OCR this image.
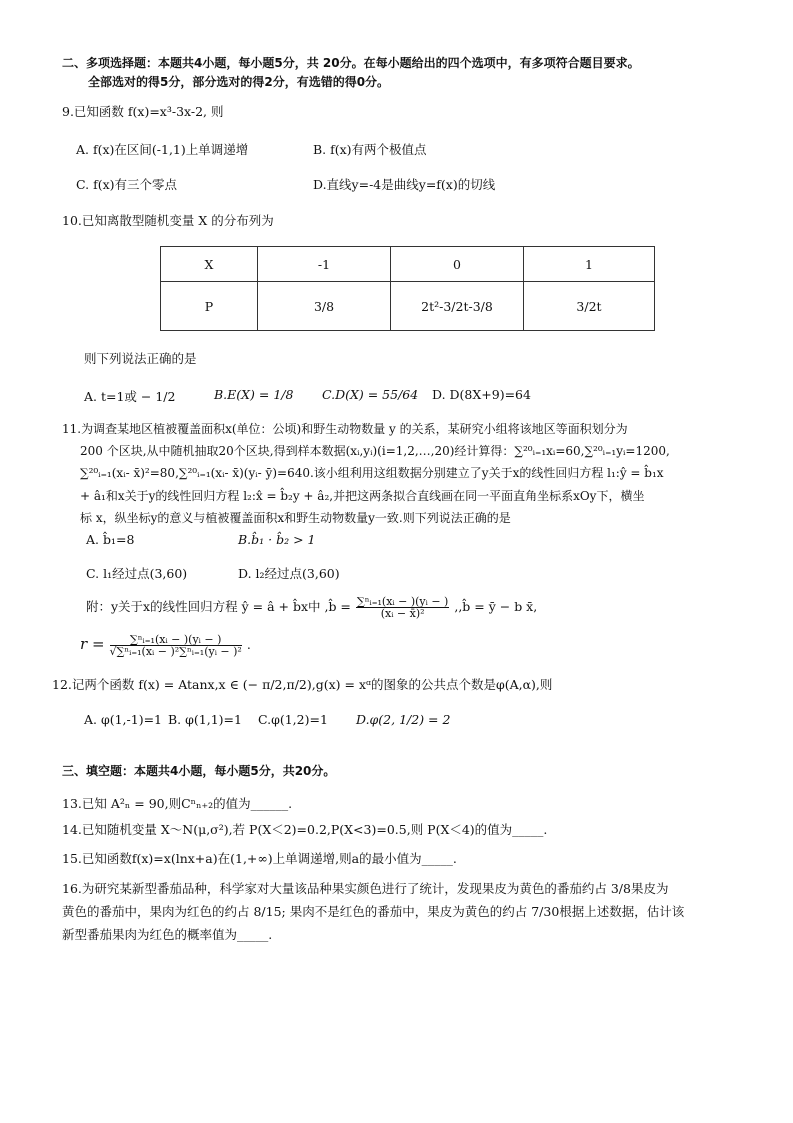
二、多项选择题：本题共4小题，每小题5分，共 20分。在每小题给出的四个选项中，有多项符合题目要求。
全部选对的得5分，部分选对的得2分，有选错的得0分。
9.已知函数 f(x)=x³-3x-2, 则
A. f(x)在区间(-1,1)上单调递增	B. f(x)有两个极值点
C. f(x)有三个零点	D.直线y=-4是曲线y=f(x)的切线
10.已知离散型随机变量 X 的分布列为
X	-1	0	1
P	3/8	2t²-3/2t-3/8	3/2t
则下列说法正确的是
A. t=1或 − 1/2	B.E(X) = 1/8 C.D(X) = 55/64 D. D(8X+9)=64
11.为调查某地区植被覆盖面积x(单位：公顷)和野生动物数量 y 的关系，某研究小组将该地区等面积划分为
200 个区块,从中随机抽取20个区块,得到样本数据(xᵢ,yᵢ)(i=1,2,…,20)经计算得：∑²⁰ᵢ₌₁xᵢ=60,∑²⁰ᵢ₌₁yᵢ=1200,
∑²⁰ᵢ₌₁(xᵢ- x̄)²=80,∑²⁰ᵢ₌₁(xᵢ- x̄)(yᵢ- ȳ)=640.该小组利用这组数据分别建立了y关于x的线性回归方程 l₁:ŷ = b̂₁x
+ â₁和x关于y的线性回归方程 l₂:x̂ = b̂₂y + â₂,并把这两条拟合直线画在同一平面直角坐标系xOy下，横坐
标 x，纵坐标y的意义与植被覆盖面积x和野生动物数量y一致.则下列说法正确的是
A. b̂₁=8	B.b̂₁ · b̂₂ > 1
C. l₁经过点(3,60)	D. l₂经过点(3,60)
附：y关于x的线性回归方程 ŷ = â + b̂x中 ,b̂ = $\frac{\text{∑ⁿᵢ₌₁(xᵢ − )(yᵢ − )}}{\text{(xᵢ − x̄)²}}$ ,,b̂ = ȳ − b x̄,
$r = \frac{\text{∑ⁿᵢ₌₁(xᵢ − )(yᵢ − )}}{\text{√∑ⁿᵢ₌₁(xᵢ − )²∑ⁿᵢ₌₁(yᵢ − )²}}$ .
12.记两个函数 f(x) = Atanx,x ∈ (− π/2,π/2),g(x) = xᵅ的图象的公共点个数是φ(A,α),则
A. φ(1,-1)=1 B. φ(1,1)=1 C.φ(1,2)=1 D.φ(2, 1/2) = 2
三、填空题：本题共4小题，每小题5分，共20分。
13.已知 A²ₙ = 90,则Cⁿₙ₊₂的值为______.
14.已知随机变量 X～N(μ,σ²),若 P(X＜2)=0.2,P(X<3)=0.5,则 P(X＜4)的值为_____.
15.已知函数f(x)=x(lnx+a)在(1,+∞)上单调递增,则a的最小值为_____.
16.为研究某新型番茄品种，科学家对大量该品种果实颜色进行了统计，发现果皮为黄色的番茄约占 3/8果皮为
黄色的番茄中，果肉为红色的约占 8/15; 果肉不是红色的番茄中，果皮为黄色的约占 7/30根据上述数据，估计该
新型番茄果肉为红色的概率值为_____.
